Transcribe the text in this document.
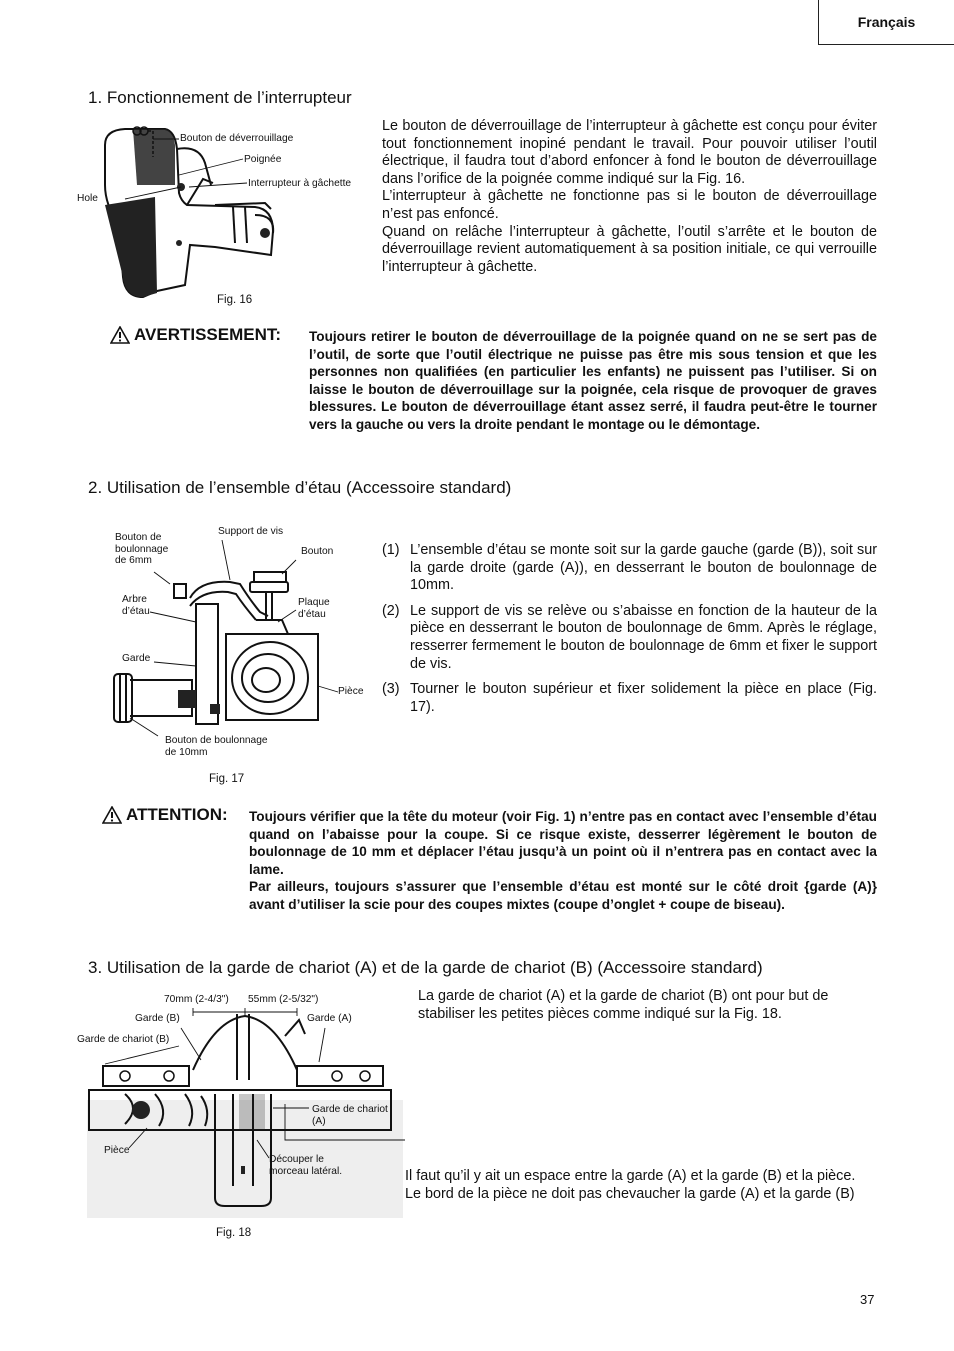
Français
1. Fonctionnement de l’interrupteur
Bouton de déverrouillage
Poignée
Interrupteur à gâchette
Hole
Fig. 16

Le bouton de déverrouillage de l’interrupteur à gâchette est conçu pour éviter tout fonctionnement inopiné pendant le travail. Pour pouvoir utiliser l’outil électrique, il faudra tout d’abord enfoncer à fond le bouton de déverrouillage dans l’orifice de la poignée comme indiqué sur la Fig. 16.

L’interrupteur à gâchette ne fonctionne pas si le bouton de déverrouillage n’est pas enfoncé.

Quand on relâche l’interrupteur à gâchette, l’outil s’arrête et le bouton de déverrouillage revient automatiquement à sa position initiale, ce qui verrouille l’interrupteur à gâchette.

AVERTISSEMENT: Toujours retirer le bouton de déverrouillage de la poignée quand on ne se sert pas de l’outil, de sorte que l’outil électrique ne puisse pas être mis sous tension et que les personnes non qualifiées (en particulier les enfants) ne puissent pas l’utiliser. Si on laisse le bouton de déverrouillage sur la poignée, cela risque de provoquer de graves blessures. Le bouton de déverrouillage étant assez serré, il faudra peut-être le tourner vers la gauche ou vers la droite pendant le montage ou le démontage.
2. Utilisation de l’ensemble d’étau (Accessoire standard)
Bouton de
boulonnage
de 6mm
Support de vis
Bouton
Arbre
d’étau
Plaque
d’étau
Garde
Pièce
Bouton de boulonnage
de 10mm
Fig. 17
(1) L’ensemble d’étau se monte soit sur la garde gauche (garde (B)), soit sur la garde droite (garde (A)), en desserrant le bouton de boulonnage de 10mm.
(2) Le support de vis se relève ou s’abaisse en fonction de la hauteur de la pièce en desserrant le bouton de boulonnage de 6mm. Après le réglage, resserrer fermement le bouton de boulonnage de 6mm et fixer le support de vis.
(3) Tourner le bouton supérieur et fixer solidement la pièce en place (Fig. 17).
ATTENTION: Toujours vérifier que la tête du moteur (voir Fig. 1) n’entre pas en contact avec l’ensemble d’étau quand on l’abaisse pour la coupe. Si ce risque existe, desserrer légèrement le bouton de boulonnage de 10 mm et déplacer l’étau jusqu’à un point où il n’entrera pas en contact avec la lame.
Par ailleurs, toujours s’assurer que l’ensemble d’étau est monté sur le côté droit {garde (A)} avant d’utiliser la scie pour des coupes mixtes (coupe d’onglet + coupe de biseau).
3. Utilisation de la garde de chariot (A) et de la garde de chariot (B) (Accessoire standard)
70mm (2-4/3") 55mm (2-5/32")
Garde (B)	Garde (A)
Garde de chariot (B)
Garde de chariot
(A)
Pièce
Découper le
morceau latéral.
Fig. 18
La garde de chariot (A) et la garde de chariot (B) ont pour but de stabiliser les petites pièces comme indiqué sur la Fig. 18.
Il faut qu’il y ait un espace entre la garde (A) et la garde (B) et la pièce. Le bord de la pièce ne doit pas chevaucher la garde (A) et la garde (B)
37
